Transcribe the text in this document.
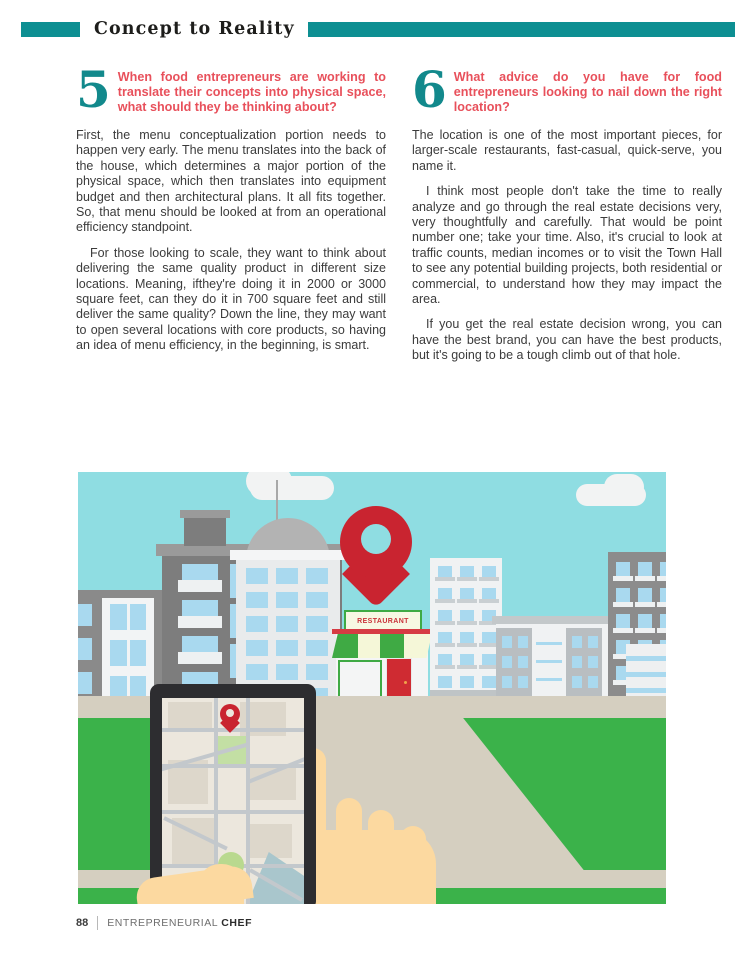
Concept to Reality
5 When food entrepreneurs are working to translate their concepts into physical space, what should they be thinking about?

First, the menu conceptualization portion needs to happen very early. The menu translates into the back of the house, which determines a major portion of the physical space, which then translates into equipment budget and then architectural plans. It all fits together. So, that menu should be looked at from an operational efficiency standpoint.

For those looking to scale, they want to think about delivering the same quality product in different size locations. Meaning, ifthey're doing it in 2000 or 3000 square feet, can they do it in 700 square feet and still deliver the same quality? Down the line, they may want to open several locations with core products, so having an idea of menu efficiency, in the beginning, is smart.

6 What advice do you have for food entrepreneurs looking to nail down the right location?

The location is one of the most important pieces, for larger-scale restaurants, fast-casual, quick-serve, you name it.

I think most people don't take the time to really analyze and go through the real estate decisions very, very thoughtfully and carefully. That would be point number one; take your time. Also, it's crucial to look at traffic counts, median incomes or to visit the Town Hall to see any potential building projects, both residential or commercial, to understand how they may impact the area.

If you get the real estate decision wrong, you can have the best brand, you can have the best products, but it's going to be a tough climb out of that hole.

RESTAURANT
88 ENTREPRENEURIAL CHEF
